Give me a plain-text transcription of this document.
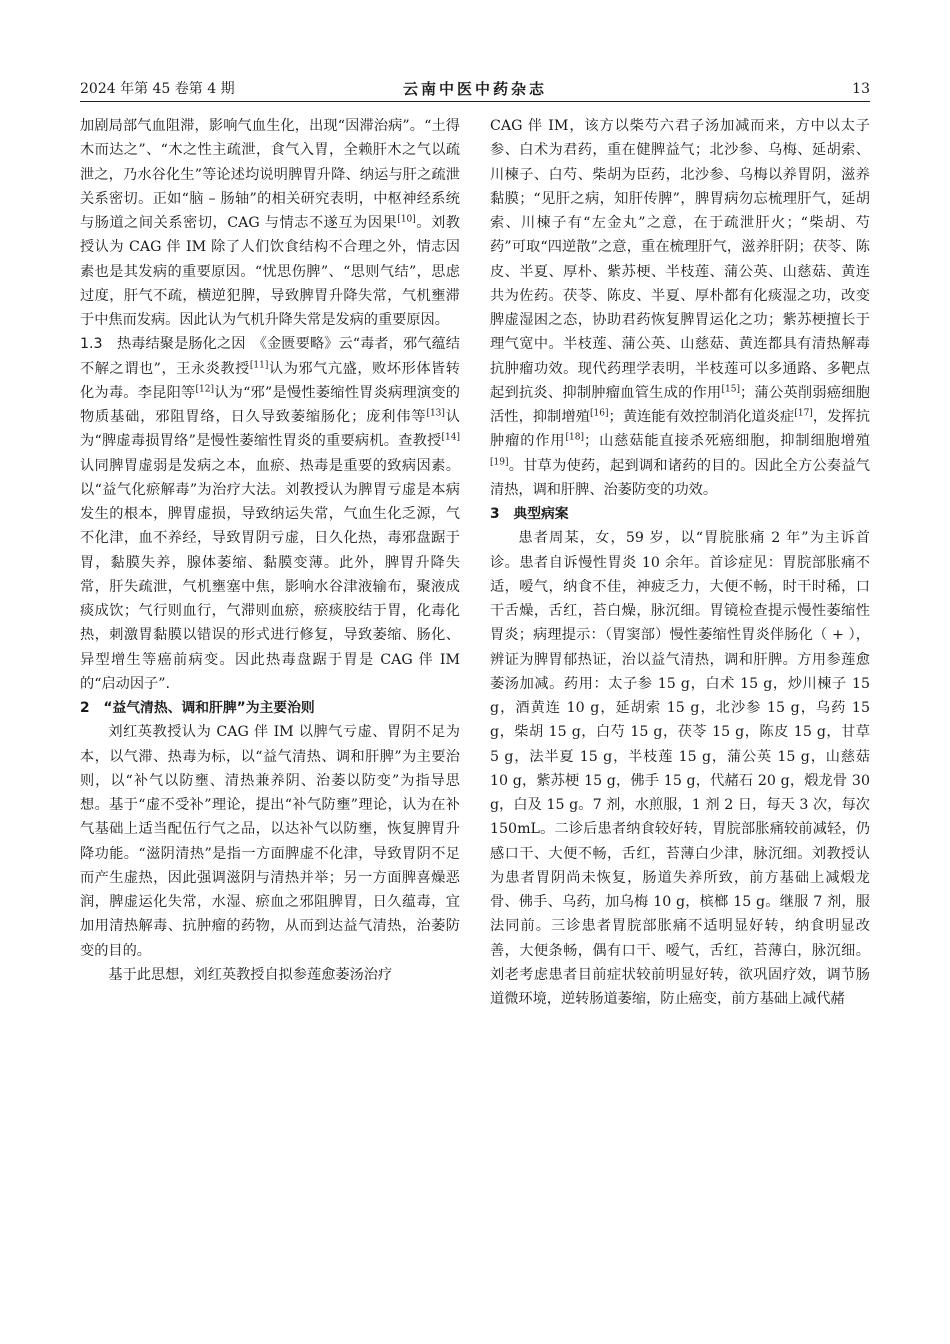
2024 年第 45 卷第 4 期	云南中医中药杂志	13

加剧局部气血阻滞，影响气血生化，出现“因滞治病”。“土得木而达之”、“木之性主疏泄，食气入胃，全赖肝木之气以疏泄之，乃水谷化生”等论述均说明脾胃升降、纳运与肝之疏泄关系密切。正如“脑 – 肠轴”的相关研究表明，中枢神经系统与肠道之间关系密切，CAG 与情志不遂互为因果[10]。刘教授认为 CAG 伴 IM 除了人们饮食结构不合理之外，情志因素也是其发病的重要原因。“忧思伤脾”、“思则气结”，思虑过度，肝气不疏，横逆犯脾，导致脾胃升降失常，气机壅滞于中焦而发病。因此认为气机升降失常是发病的重要原因。

1.3　热毒结聚是肠化之因　 《金匮要略》云“毒者，邪气蕴结不解之谓也”，王永炎教授[11]认为邪气亢盛，败坏形体皆转化为毒。李昆阳等[12]认为“邪”是慢性萎缩性胃炎病理演变的物质基础，邪阻胃络，日久导致萎缩肠化；庞利伟等[13]认为“脾虚毒损胃络”是慢性萎缩性胃炎的重要病机。查教授[14]认同脾胃虚弱是发病之本，血瘀、热毒是重要的致病因素。以“益气化瘀解毒”为治疗大法。刘教授认为脾胃亏虚是本病发生的根本，脾胃虚损，导致纳运失常，气血生化乏源，气不化津，血不养经，导致胃阴亏虚，日久化热，毒邪盘踞于胃，黏膜失养，腺体萎缩、黏膜变薄。此外，脾胃升降失常，肝失疏泄，气机壅塞中焦，影响水谷津液输布，聚液成痰成饮；气行则血行，气滞则血瘀，瘀痰胶结于胃，化毒化热，刺激胃黏膜以错误的形式进行修复，导致萎缩、肠化、异型增生等癌前病变。因此热毒盘踞于胃是 CAG 伴 IM 的“启动因子”.

2　“益气清热、调和肝脾”为主要治则

刘红英教授认为 CAG 伴 IM 以脾气亏虚、胃阴不足为本，以气滞、热毒为标，以“益气清热、调和肝脾”为主要治则，以“补气以防壅、清热兼养阴、治萎以防变”为指导思想。基于“虚不受补”理论，提出“补气防壅”理论，认为在补气基础上适当配伍行气之品，以达补气以防壅，恢复脾胃升降功能。“滋阴清热”是指一方面脾虚不化津，导致胃阴不足而产生虚热，因此强调滋阴与清热并举；另一方面脾喜燥恶润，脾虚运化失常，水湿、瘀血之邪阻脾胃，日久蕴毒，宜加用清热解毒、抗肿瘤的药物，从而到达益气清热，治萎防变的目的。

基于此思想，刘红英教授自拟参莲愈萎汤治疗

CAG 伴 IM，该方以柴芍六君子汤加减而来，方中以太子参、白术为君药，重在健脾益气；北沙参、乌梅、延胡索、川楝子、白芍、柴胡为臣药，北沙参、乌梅以养胃阴，滋养黏膜；“见肝之病，知肝传脾”，脾胃病勿忘梳理肝气，延胡索、川楝子有“左金丸”之意，在于疏泄肝火；“柴胡、芍药”可取“四逆散”之意，重在梳理肝气，滋养肝阴；茯苓、陈皮、半夏、厚朴、紫苏梗、半枝莲、蒲公英、山慈菇、黄连共为佐药。茯苓、陈皮、半夏、厚朴都有化痰湿之功，改变脾虚湿困之态，协助君药恢复脾胃运化之功；紫苏梗擅长于理气宽中。半枝莲、蒲公英、山慈菇、黄连都具有清热解毒抗肿瘤功效。现代药理学表明，半枝莲可以多通路、多靶点起到抗炎、抑制肿瘤血管生成的作用[15]；蒲公英削弱癌细胞活性，抑制增殖[16]；黄连能有效控制消化道炎症[17]，发挥抗肿瘤的作用[18]；山慈菇能直接杀死癌细胞，抑制细胞增殖[19]。甘草为使药，起到调和诸药的目的。因此全方公奏益气清热，调和肝脾、治萎防变的功效。

3　典型病案

患者周某，女，59 岁，以“胃脘胀痛 2 年”为主诉首诊。患者自诉慢性胃炎 10 余年。首诊症见：胃脘部胀痛不适，嗳气，纳食不佳，神疲乏力，大便不畅，时干时稀，口干舌燥，舌红，苔白燥，脉沉细。胃镜检查提示慢性萎缩性胃炎；病理提示：（胃窦部）慢性萎缩性胃炎伴肠化（ + ），辨证为脾胃郁热证，治以益气清热，调和肝脾。方用参莲愈萎汤加减。药用：太子参 15 g，白术 15 g，炒川楝子 15 g，酒黄连 10 g，延胡索 15 g，北沙参 15 g，乌药 15 g，柴胡 15 g，白芍 15 g，茯苓 15 g，陈皮 15 g，甘草 5 g，法半夏 15 g，半枝莲 15 g，蒲公英 15 g，山慈菇 10 g，紫苏梗 15 g，佛手 15 g，代赭石 20 g，煅龙骨 30 g，白及 15 g。7 剂，水煎服，1 剂 2 日，每天 3 次，每次 150mL。二诊后患者纳食较好转，胃脘部胀痛较前减轻，仍感口干、大便不畅，舌红，苔薄白少津，脉沉细。刘教授认为患者胃阴尚未恢复，肠道失养所致，前方基础上减煅龙骨、佛手、乌药，加乌梅 10 g，槟榔 15 g。继服 7 剂，服法同前。三诊患者胃脘部胀痛不适明显好转，纳食明显改善，大便条畅，偶有口干、嗳气，舌红，苔薄白，脉沉细。刘老考虑患者目前症状较前明显好转，欲巩固疗效，调节肠道微环境，逆转肠道萎缩，防止癌变，前方基础上减代赭
